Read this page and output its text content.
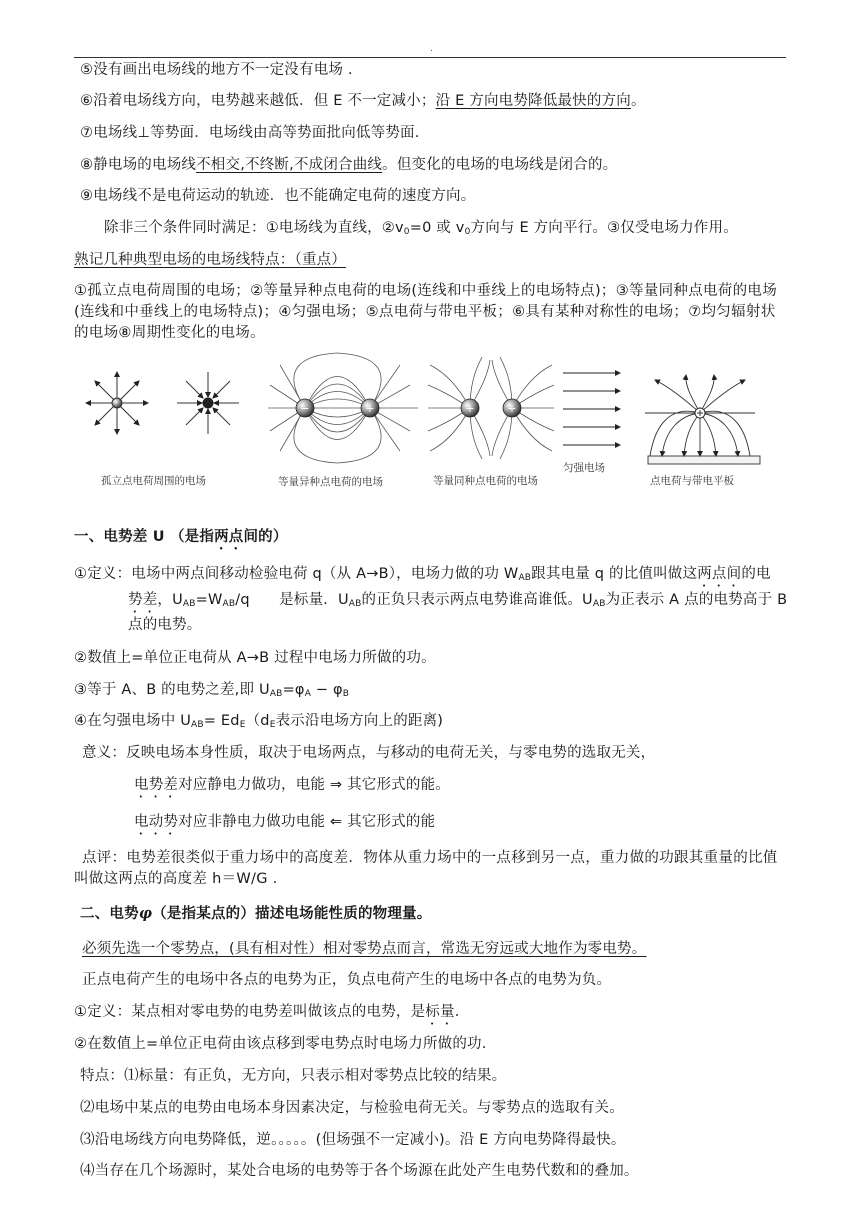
.
⑤没有画出电场线的地方不一定没有电场 .
⑥沿着电场线方向，电势越来越低．但 E 不一定减小；沿 E 方向电势降低最快的方向。
⑦电场线⊥等势面．电场线由高等势面批向低等势面.
⑧静电场的电场线不相交,不终断,不成闭合曲线。但变化的电场的电场线是闭合的。
⑨电场线不是电荷运动的轨迹．也不能确定电荷的速度方向。
除非三个条件同时满足：①电场线为直线，$②v_0=0$ 或 $v_0$方向与 E 方向平行。③仅受电场力作用。
熟记几种典型电场的电场线特点：（重点）
①孤立点电荷周围的电场；②等量异种点电荷的电场(连线和中垂线上的电场特点)；③等量同种点电荷的电场(连线和中垂线上的电场特点)；④匀强电场；⑤点电荷与带电平板；⑥具有某种对称性的电场；⑦均匀辐射状的电场⑧周期性变化的电场。
−	+	+	+
孤立点电荷周围的电场	等量异种点电荷的电场	等量同种点电荷的电场
匀强电场
点电荷与带电平板
一、电势差 U （是指两点间的）
①定义：电场中两点间移动检验电荷 q（从 A→B），电场力做的功 $W_{AB}$跟其电量 q 的比值叫做这两点间的电
势差，$U_{AB}=W_{AB}/q$　　是标量．$U_{AB}$的正负只表示两点电势谁高谁低。$U_{AB}$为正表示 A 点的电势高于 B
点的电势。
②数值上=单位正电荷从 A→B 过程中电场力所做的功。
③等于 A、B 的电势之差,即 $U_{AB}=\varphi_A - \varphi_B$
④在匀强电场中 $U_{AB}= Ed_E(d_E$表示沿电场方向上的距离)
意义：反映电场本身性质，取决于电场两点，与移动的电荷无关，与零电势的选取无关，
电势差对应静电力做功，电能 ⇒ 其它形式的能。
电动势对应非静电力做功电能 ⇐ 其它形式的能
点评：电势差很类似于重力场中的高度差．物体从重力场中的一点移到另一点，重力做的功跟其重量的比值叫做这两点的高度差 h＝W/G .
二、电势φ（是指某点的）描述电场能性质的物理量。
必须先选一个零势点，(具有相对性）相对零势点而言，常选无穷远或大地作为零电势。
正点电荷产生的电场中各点的电势为正，负点电荷产生的电场中各点的电势为负。
①定义：某点相对零电势的电势差叫做该点的电势，是标量．
②在数值上=单位正电荷由该点移到零电势点时电场力所做的功.
特点：⑴标量：有正负，无方向，只表示相对零势点比较的结果。
⑵电场中某点的电势由电场本身因素决定，与检验电荷无关。与零势点的选取有关。
⑶沿电场线方向电势降低，逆。。。。。(但场强不一定减小)。沿 E 方向电势降得最快。
⑷当存在几个场源时，某处合电场的电势等于各个场源在此处产生电势代数和的叠加。
